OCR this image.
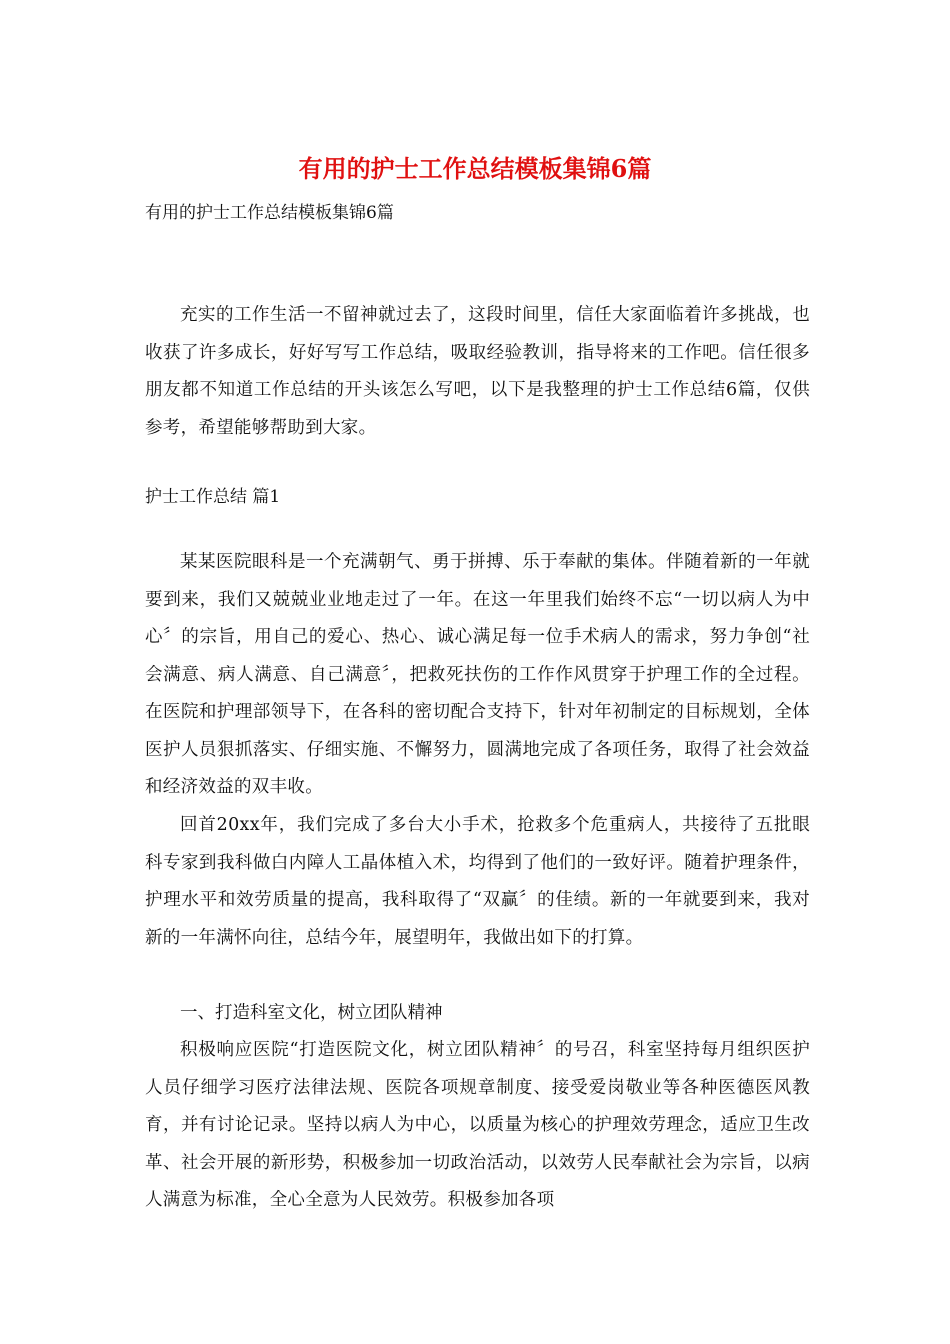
有用的护士工作总结模板集锦6篇
有用的护士工作总结模板集锦6篇

充实的工作生活一不留神就过去了，这段时间里，信任大家面临着许多挑战，也收获了许多成长，好好写写工作总结，吸取经验教训，指导将来的工作吧。信任很多朋友都不知道工作总结的开头该怎么写吧，以下是我整理的护士工作总结6篇，仅供参考，希望能够帮助到大家。

护士工作总结 篇1

某某医院眼科是一个充满朝气、勇于拼搏、乐于奉献的集体。伴随着新的一年就要到来，我们又兢兢业业地走过了一年。在这一年里我们始终不忘“一切以病人为中心〞的宗旨，用自己的爱心、热心、诚心满足每一位手术病人的需求，努力争创“社会满意、病人满意、自己满意〞，把救死扶伤的工作作风贯穿于护理工作的全过程。在医院和护理部领导下，在各科的密切配合支持下，针对年初制定的目标规划，全体医护人员狠抓落实、仔细实施、不懈努力，圆满地完成了各项任务，取得了社会效益和经济效益的双丰收。

回首20xx年，我们完成了多台大小手术，抢救多个危重病人，共接待了五批眼科专家到我科做白内障人工晶体植入术，均得到了他们的一致好评。随着护理条件，护理水平和效劳质量的提高，我科取得了“双赢〞的佳绩。新的一年就要到来，我对新的一年满怀向往，总结今年，展望明年，我做出如下的打算。

一、打造科室文化，树立团队精神

积极响应医院“打造医院文化，树立团队精神〞的号召，科室坚持每月组织医护人员仔细学习医疗法律法规、医院各项规章制度、接受爱岗敬业等各种医德医风教育，并有讨论记录。坚持以病人为中心，以质量为核心的护理效劳理念，适应卫生改革、社会开展的新形势，积极参加一切政治活动，以效劳人民奉献社会为宗旨，以病人满意为标准，全心全意为人民效劳。积极参加各项
